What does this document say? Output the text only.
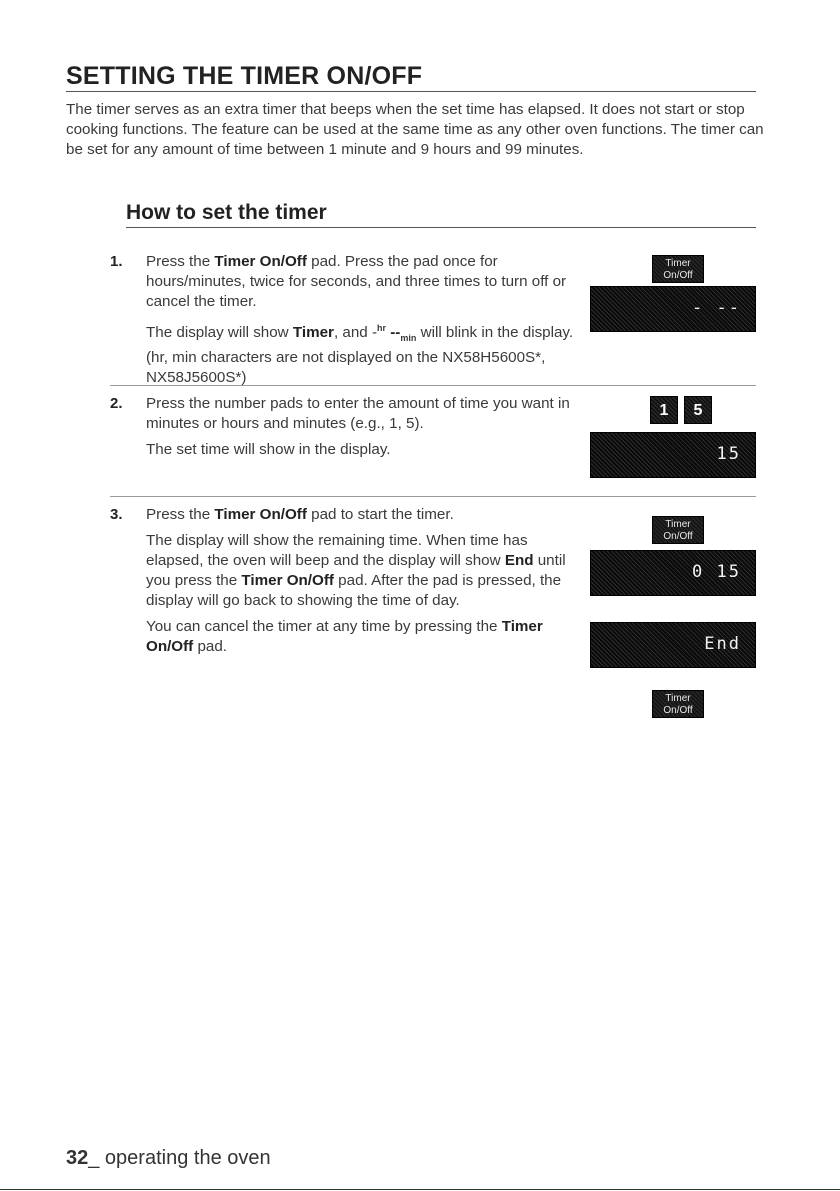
SETTING THE TIMER ON/OFF
The timer serves as an extra timer that beeps when the set time has elapsed. It does not start or stop cooking functions. The feature can be used at the same time as any other oven functions. The timer can be set for any amount of time between 1 minute and 9 hours and 99 minutes.
How to set the timer
1. Press the Timer On/Off pad. Press the pad once for hours/minutes, twice for seconds, and three times to turn off or cancel the timer.

The display will show Timer, and -$^{hr}$ $--_{min}$ will blink in the display. (hr, min characters are not displayed on the NX58H5600S*, NX58J5600S*)

Timer
On/Off
- --
2. Press the number pads to enter the amount of time you want in minutes or hours and minutes (e.g., 1, 5).

The set time will show in the display.

1	5
15
3. Press the Timer On/Off pad to start the timer.

The display will show the remaining time. When time has elapsed, the oven will beep and the display will show End until you press the Timer On/Off pad. After the pad is pressed, the display will go back to showing the time of day.

You can cancel the timer at any time by pressing the Timer On/Off pad.

Timer
On/Off
0 15
End
Timer
On/Off
32_ operating the oven
